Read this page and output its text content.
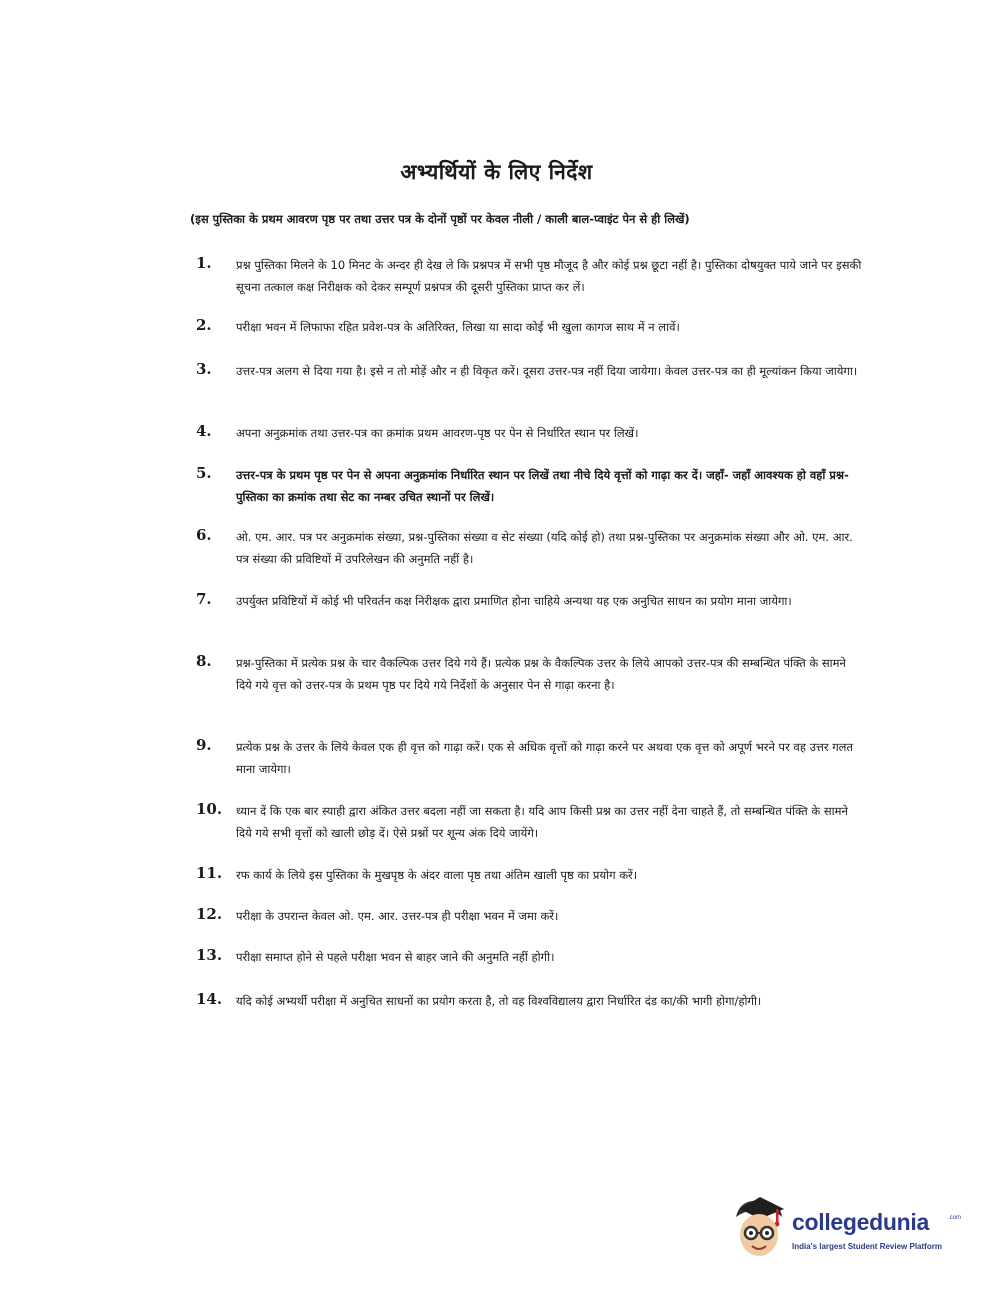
अभ्यर्थियों के लिए निर्देश
(इस पुस्तिका के प्रथम आवरण पृष्ठ पर तथा उत्तर पत्र के दोनों पृष्ठों पर केवल नीली / काली बाल-प्वाइंट पेन से ही लिखें)
1.	प्रश्न पुस्तिका मिलने के 10 मिनट के अन्दर ही देख ले कि प्रश्नपत्र में सभी पृष्ठ मौजूद है और कोई प्रश्न छूटा नहीं है। पुस्तिका दोषयुक्त पाये जाने पर इसकी सूचना तत्काल कक्ष निरीक्षक को देकर सम्पूर्ण प्रश्नपत्र की दूसरी पुस्तिका प्राप्त कर लें।
2.	परीक्षा भवन में लिफाफा रहित प्रवेश-पत्र के अतिरिक्त, लिखा या सादा कोई भी खुला कागज साथ में न लावें।
3.	उत्तर-पत्र अलग से दिया गया है। इसे न तो मोड़ें और न ही विकृत करें। दूसरा उत्तर-पत्र नहीं दिया जायेगा। केवल उत्तर-पत्र का ही मूल्यांकन किया जायेगा।
4.	अपना अनुक्रमांक तथा उत्तर-पत्र का क्रमांक प्रथम आवरण-पृष्ठ पर पेन से निर्धारित स्थान पर लिखें।
5.	उत्तर-पत्र के प्रथम पृष्ठ पर पेन से अपना अनुक्रमांक निर्धारित स्थान पर लिखें तथा नीचे दिये वृत्तों को गाढ़ा कर दें। जहाँ- जहाँ आवश्यक हो वहाँ प्रश्न-पुस्तिका का क्रमांक तथा सेट का नम्बर उचित स्थानों पर लिखें।
6.	ओ. एम. आर. पत्र पर अनुक्रमांक संख्या, प्रश्न-पुस्तिका संख्या व सेट संख्या (यदि कोई हो) तथा प्रश्न-पुस्तिका पर अनुक्रमांक संख्या और ओ. एम. आर. पत्र संख्या की प्रविष्टियों में उपरिलेखन की अनुमति नहीं है।
7.	उपर्युक्त प्रविष्टियों में कोई भी परिवर्तन कक्ष निरीक्षक द्वारा प्रमाणित होना चाहिये अन्यथा यह एक अनुचित साधन का प्रयोग माना जायेगा।
8.	प्रश्न-पुस्तिका में प्रत्येक प्रश्न के चार वैकल्पिक उत्तर दिये गये हैं। प्रत्येक प्रश्न के वैकल्पिक उत्तर के लिये आपको उत्तर-पत्र की सम्बन्धित पंक्ति के सामने दिये गये वृत्त को उत्तर-पत्र के प्रथम पृष्ठ पर दिये गये निर्देशों के अनुसार पेन से गाढ़ा करना है।
9.	प्रत्येक प्रश्न के उत्तर के लिये केवल एक ही वृत्त को गाढ़ा करें। एक से अधिक वृत्तों को गाढ़ा करने पर अथवा एक वृत्त को अपूर्ण भरने पर वह उत्तर गलत माना जायेगा।
10.	ध्यान दें कि एक बार स्याही द्वारा अंकित उत्तर बदला नहीं जा सकता है। यदि आप किसी प्रश्न का उत्तर नहीं देना चाहते हैं, तो सम्बन्धित पंक्ति के सामने दिये गये सभी वृत्तों को खाली छोड़ दें। ऐसे प्रश्नों पर शून्य अंक दिये जायेंगे।
11.	रफ कार्य के लिये इस पुस्तिका के मुखपृष्ठ के अंदर वाला पृष्ठ तथा अंतिम खाली पृष्ठ का प्रयोग करें।
12.	परीक्षा के उपरान्त केवल ओ. एम. आर. उत्तर-पत्र ही परीक्षा भवन में जमा करें।
13.	परीक्षा समाप्त होने से पहले परीक्षा भवन से बाहर जाने की अनुमति नहीं होगी।
14.	यदि कोई अभ्यर्थी परीक्षा में अनुचित साधनों का प्रयोग करता है, तो वह विश्वविद्यालय द्वारा निर्धारित दंड का/की भागी होगा/होगी।
collegedunia	.com
India's largest Student Review Platform
